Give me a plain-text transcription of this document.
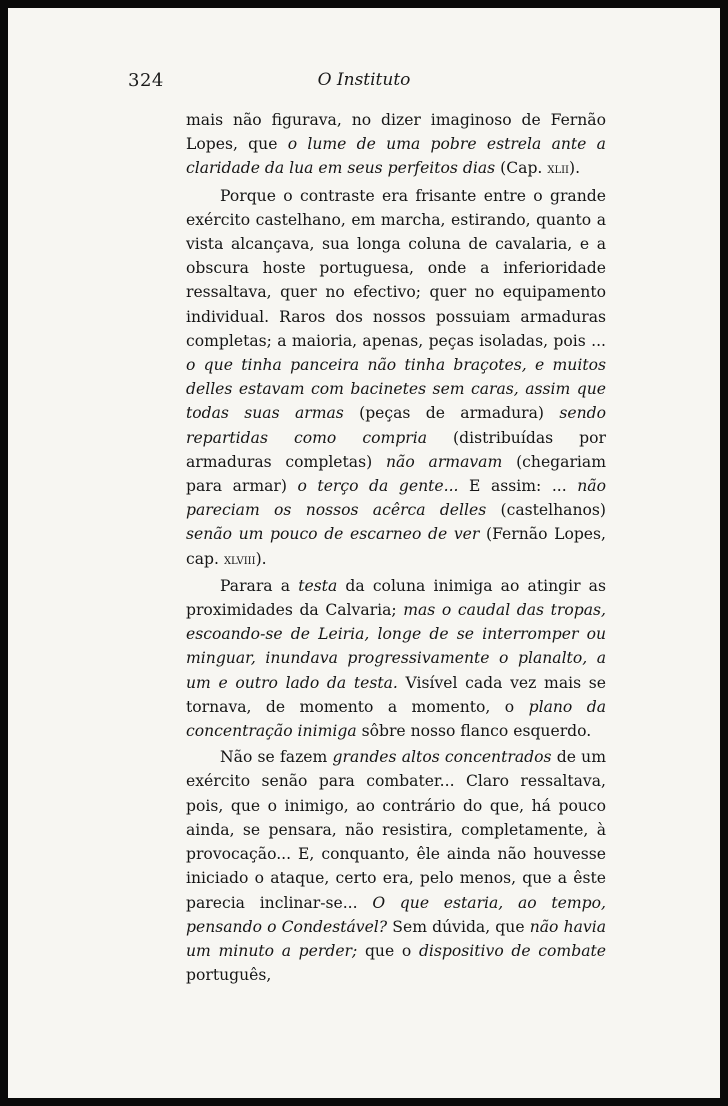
324	O Instituto

mais não figurava, no dizer imaginoso de Fernão Lopes, que o lume de uma pobre estrela ante a claridade da lua em seus perfeitos dias (Cap. xlii).

Porque o contraste era frisante entre o grande exército castelhano, em marcha, estirando, quanto a vista alcançava, sua longa coluna de cavalaria, e a obscura hoste portuguesa, onde a inferioridade ressaltava, quer no efectivo; quer no equipamento individual. Raros dos nossos possuiam armaduras completas; a maioria, apenas, peças isoladas, pois ... o que tinha panceira não tinha braçotes, e muitos delles estavam com bacinetes sem caras, assim que todas suas armas (peças de armadura) sendo repartidas como compria (distribuídas por armaduras completas) não armavam (chegariam para armar) o terço da gente... E assim: ... não pareciam os nossos acêrca delles (castelhanos) senão um pouco de escarneo de ver (Fernão Lopes, cap. xlviii).

Parara a testa da coluna inimiga ao atingir as proximidades da Calvaria; mas o caudal das tropas, escoando-se de Leiria, longe de se interromper ou minguar, inundava progressivamente o planalto, a um e outro lado da testa. Visível cada vez mais se tornava, de momento a momento, o plano da concentração inimiga sôbre nosso flanco esquerdo.

Não se fazem grandes altos concentrados de um exército senão para combater... Claro ressaltava, pois, que o inimigo, ao contrário do que, há pouco ainda, se pensara, não resistira, completamente, à provocação... E, conquanto, êle ainda não houvesse iniciado o ataque, certo era, pelo menos, que a êste parecia inclinar-se... O que estaria, ao tempo, pensando o Condestável? Sem dúvida, que não havia um minuto a perder; que o dispositivo de combate português,
